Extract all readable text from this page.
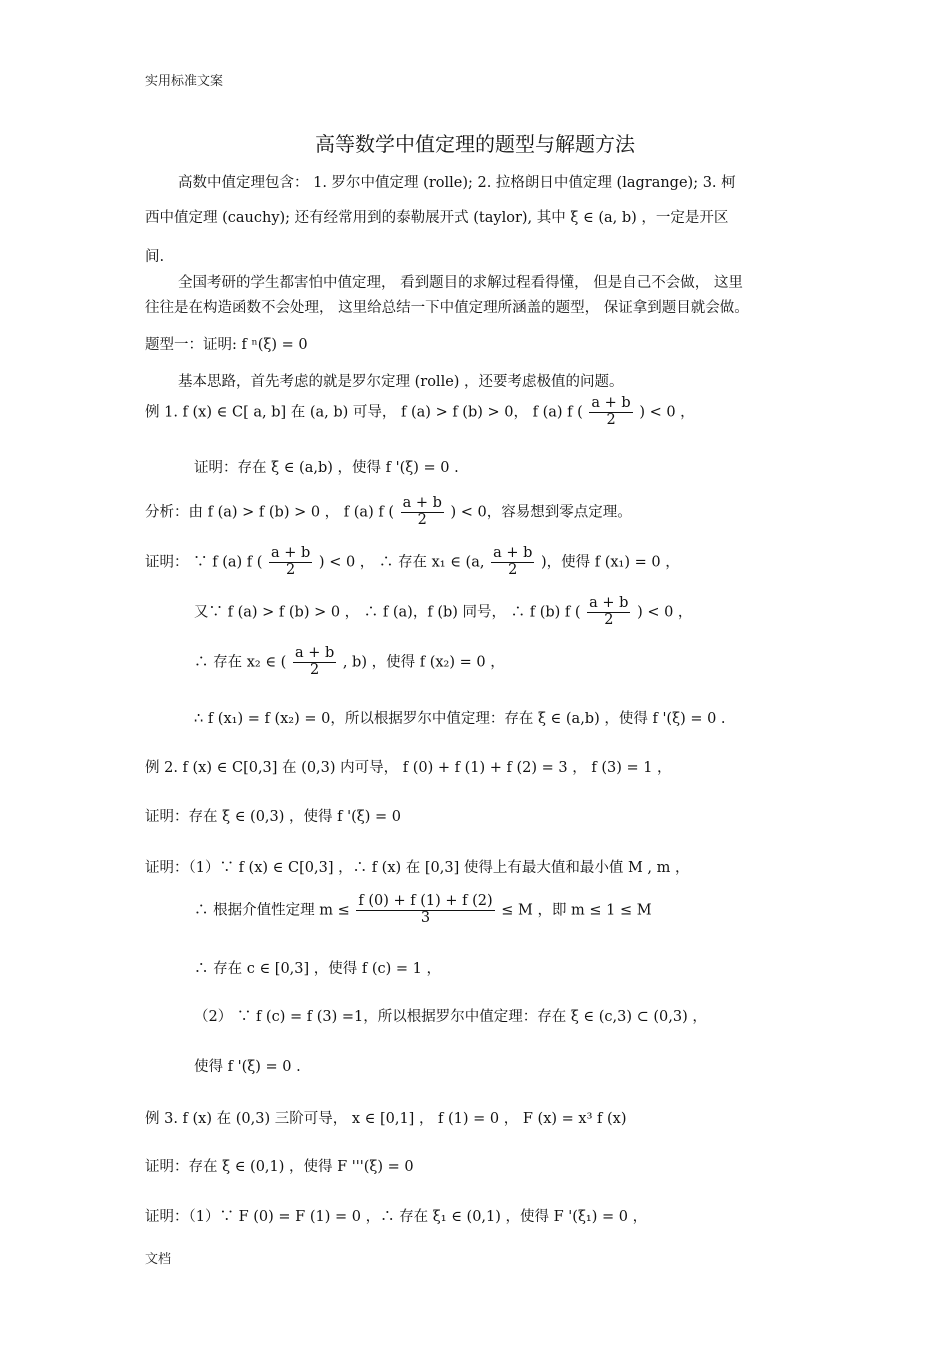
实用标准文案
高等数学中值定理的题型与解题方法
高数中值定理包含： 1. 罗尔中值定理 (rolle); 2. 拉格朗日中值定理 (lagrange); 3. 柯
西中值定理 (cauchy); 还有经常用到的泰勒展开式 (taylor), 其中 ξ ∈ (a, b) ，一定是开区
间.
全国考研的学生都害怕中值定理， 看到题目的求解过程看得懂， 但是自己不会做， 这里
往往是在构造函数不会处理， 这里给总结一下中值定理所涵盖的题型， 保证拿到题目就会做。
题型一：证明: f ⁿ(ξ) = 0
基本思路，首先考虑的就是罗尔定理 (rolle) ，还要考虑极值的问题。
例 1. f (x) ∈ C[ a, b] 在 (a, b) 可导， f (a) > f (b) > 0， f (a) f ( $\frac{a + b}{2}$ ) < 0 ，
证明：存在 ξ ∈ (a,b) ，使得 f '(ξ) = 0 .
分析：由 f (a) > f (b) > 0 ， f (a) f ( $\frac{a + b}{2}$ ) < 0，容易想到零点定理。
证明： ∵ f (a) f ( $\frac{a + b}{2}$ ) < 0 ， ∴ 存在 x₁ ∈ (a, $\frac{a + b}{2}$ )，使得 f (x₁) = 0 ，
又∵ f (a) > f (b) > 0 ， ∴ f (a)，f (b) 同号， ∴ f (b) f ( $\frac{a + b}{2}$ ) < 0 ，
∴ 存在 x₂ ∈ ( $\frac{a + b}{2}$ , b) ，使得 f (x₂) = 0 ，
∴ f (x₁) = f (x₂) = 0，所以根据罗尔中值定理：存在 ξ ∈ (a,b) ，使得 f '(ξ) = 0 .
例 2. f (x) ∈ C[0,3] 在 (0,3) 内可导， f (0) + f (1) + f (2) = 3 ， f (3) = 1 ，
证明：存在 ξ ∈ (0,3) ，使得 f '(ξ) = 0
证明：（1）∵ f (x) ∈ C[0,3] ，∴ f (x) 在 [0,3] 使得上有最大值和最小值 M , m ，
∴ 根据介值性定理 $m \le \frac{f (0) + f (1) + f (2)}{3} \le M$ ，即 m ≤ 1 ≤ M
∴ 存在 c ∈ [0,3] ，使得 f (c) = 1 ，
（2） ∵ f (c) = f (3) =1，所以根据罗尔中值定理：存在 ξ ∈ (c,3) ⊂ (0,3) ，
使得 f '(ξ) = 0 .
例 3. f (x) 在 (0,3) 三阶可导， x ∈ [0,1] ， f (1) = 0 ， F (x) = x³ f (x)
证明：存在 ξ ∈ (0,1) ，使得 F '''(ξ) = 0
证明：（1）∵ F (0) = F (1) = 0 ，∴ 存在 ξ₁ ∈ (0,1) ，使得 F '(ξ₁) = 0 ，
文档
